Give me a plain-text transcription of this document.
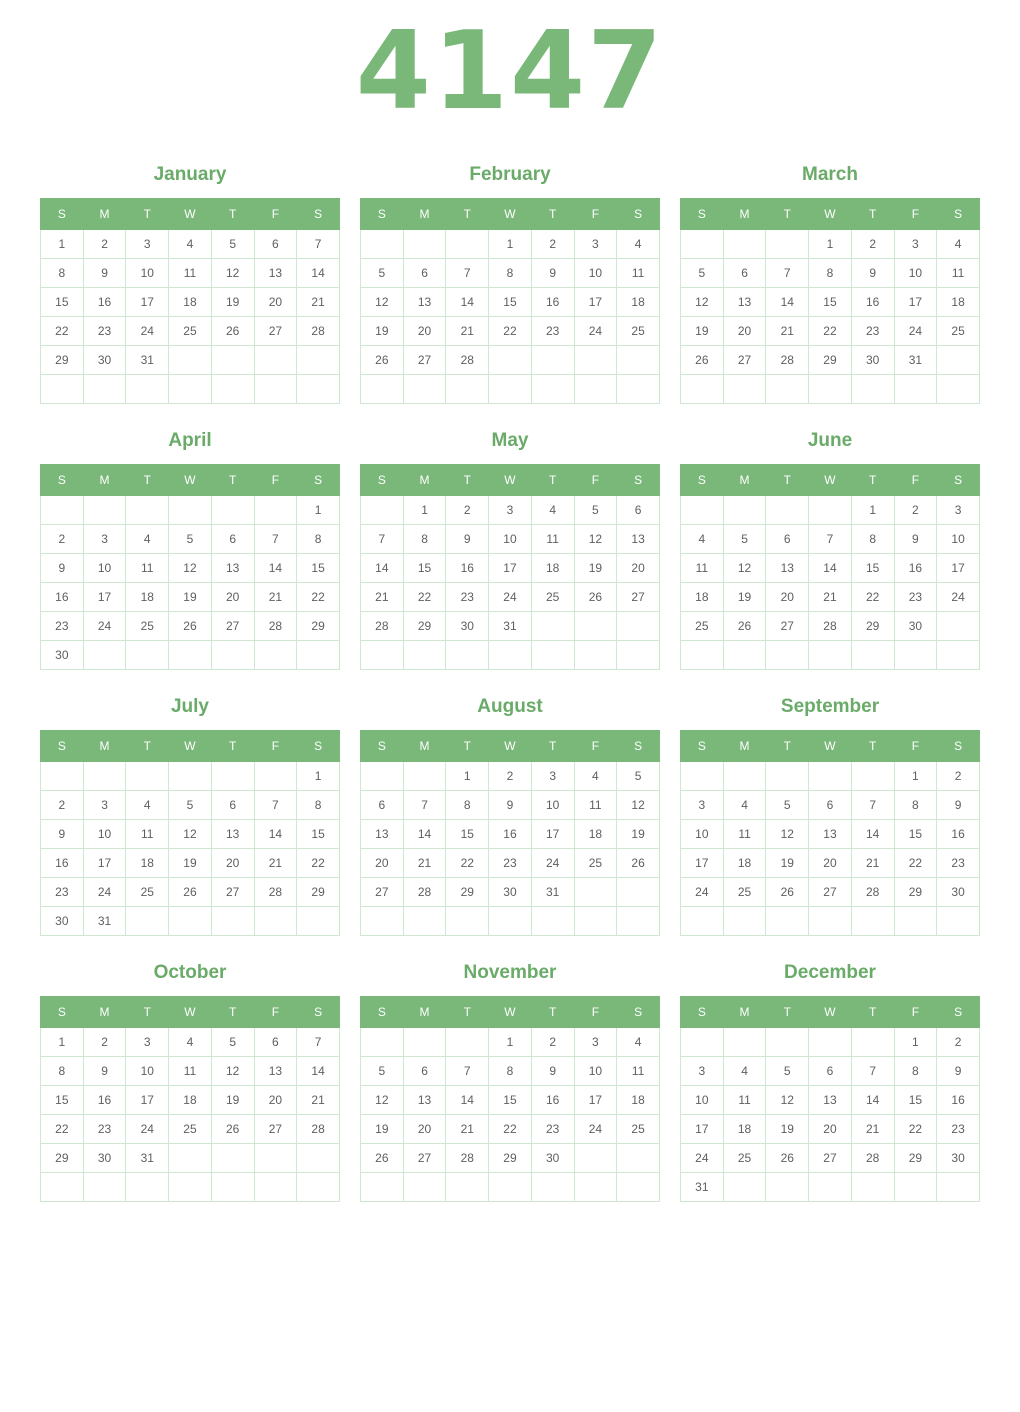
4147
January
S	M	T	W	T	F	S
1	2	3	4	5	6	7
8	9	10	11	12	13	14
15	16	17	18	19	20	21
22	23	24	25	26	27	28
29	30	31				

February
S	M	T	W	T	F	S
			1	2	3	4
5	6	7	8	9	10	11
12	13	14	15	16	17	18
19	20	21	22	23	24	25
26	27	28				

March
S	M	T	W	T	F	S
			1	2	3	4
5	6	7	8	9	10	11
12	13	14	15	16	17	18
19	20	21	22	23	24	25
26	27	28	29	30	31	

April
S	M	T	W	T	F	S
						1
2	3	4	5	6	7	8
9	10	11	12	13	14	15
16	17	18	19	20	21	22
23	24	25	26	27	28	29
30						
May
S	M	T	W	T	F	S
	1	2	3	4	5	6
7	8	9	10	11	12	13
14	15	16	17	18	19	20
21	22	23	24	25	26	27
28	29	30	31			

June
S	M	T	W	T	F	S
				1	2	3
4	5	6	7	8	9	10
11	12	13	14	15	16	17
18	19	20	21	22	23	24
25	26	27	28	29	30	

July
S	M	T	W	T	F	S
						1
2	3	4	5	6	7	8
9	10	11	12	13	14	15
16	17	18	19	20	21	22
23	24	25	26	27	28	29
30	31					
August
S	M	T	W	T	F	S
		1	2	3	4	5
6	7	8	9	10	11	12
13	14	15	16	17	18	19
20	21	22	23	24	25	26
27	28	29	30	31		

September
S	M	T	W	T	F	S
					1	2
3	4	5	6	7	8	9
10	11	12	13	14	15	16
17	18	19	20	21	22	23
24	25	26	27	28	29	30

October
S	M	T	W	T	F	S
1	2	3	4	5	6	7
8	9	10	11	12	13	14
15	16	17	18	19	20	21
22	23	24	25	26	27	28
29	30	31				

November
S	M	T	W	T	F	S
			1	2	3	4
5	6	7	8	9	10	11
12	13	14	15	16	17	18
19	20	21	22	23	24	25
26	27	28	29	30		

December
S	M	T	W	T	F	S
					1	2
3	4	5	6	7	8	9
10	11	12	13	14	15	16
17	18	19	20	21	22	23
24	25	26	27	28	29	30
31						
